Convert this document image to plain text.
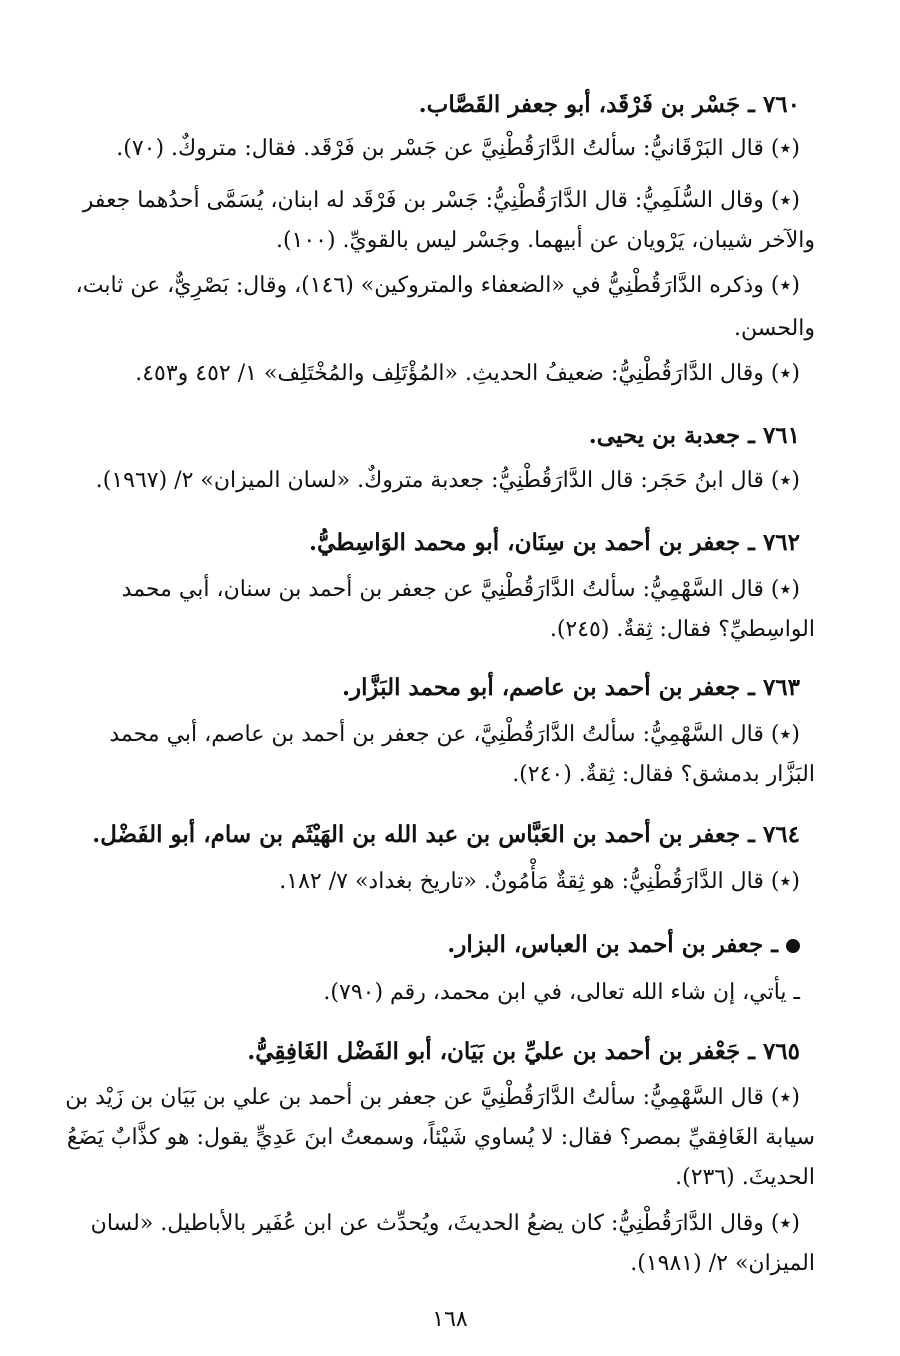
٧٦٠ ـ جَسْر بن فَرْقَد، أبو جعفر القَصَّاب.
(٭) قال البَرْقَانيُّ: سألتُ الدَّارَقُطْنِيَّ عن جَسْر بن فَرْقَد. فقال: متروكٌ. (٧٠).
(٭) وقال السُّلَمِيُّ: قال الدَّارَقُطْنِيُّ: جَسْر بن فَرْقَد له ابنان، يُسَمَّى أحدُهما جعفر
والآخر شيبان، يَرْويان عن أبيهما. وجَسْر ليس بالقويِّ. (١٠٠).
(٭) وذكره الدَّارَقُطْنِيُّ في «الضعفاء والمتروكين» (١٤٦)، وقال: بَصْرِيٌّ، عن ثابت،
والحسن.
(٭) وقال الدَّارَقُطْنِيُّ: ضعيفُ الحديثِ. «المُؤْتَلِف والمُخْتَلِف» ١/ ٤٥٢ و٤٥٣.
٧٦١ ـ جعدبة بن يحيى.
(٭) قال ابنُ حَجَر: قال الدَّارَقُطْنِيُّ: جعدبة متروكٌ. «لسان الميزان» ٢/ (١٩٦٧).
٧٦٢ ـ جعفر بن أحمد بن سِنَان، أبو محمد الوَاسِطيُّ.
(٭) قال السَّهْمِيُّ: سألتُ الدَّارَقُطْنِيَّ عن جعفر بن أحمد بن سنان، أبي محمد
الواسِطيِّ؟ فقال: ثِقةٌ. (٢٤٥).
٧٦٣ ـ جعفر بن أحمد بن عاصم، أبو محمد البَزَّار.
(٭) قال السَّهْمِيُّ: سألتُ الدَّارَقُطْنِيَّ، عن جعفر بن أحمد بن عاصم، أبي محمد
البَزَّار بدمشق؟ فقال: ثِقةٌ. (٢٤٠).
٧٦٤ ـ جعفر بن أحمد بن العَبَّاس بن عبد الله بن الهَيْثَم بن سام، أبو الفَضْل.
(٭) قال الدَّارَقُطْنِيُّ: هو ثِقةٌ مَأْمُونٌ. «تاريخ بغداد» ٧/ ١٨٢.
ـ جعفر بن أحمد بن العباس، البزار.
ـ يأتي، إن شاء الله تعالى، في ابن محمد، رقم (٧٩٠).
٧٦٥ ـ جَعْفر بن أحمد بن عليِّ بن بَيَان، أبو الفَضْل الغَافِقِيُّ.
(٭) قال السَّهْمِيُّ: سألتُ الدَّارَقُطْنِيَّ عن جعفر بن أحمد بن علي بن بَيَان بن زَيْد بن
سيابة الغَافِقيِّ بمصر؟ فقال: لا يُساوي شَيْئاً، وسمعتُ ابنَ عَدِيٍّ يقول: هو كذَّابٌ يَضَعُ
الحديثَ. (٢٣٦).
(٭) وقال الدَّارَقُطْنِيُّ: كان يضعُ الحديثَ، ويُحدِّث عن ابن عُفَير بالأباطيل. «لسان
الميزان» ٢/ (١٩٨١).
١٦٨
